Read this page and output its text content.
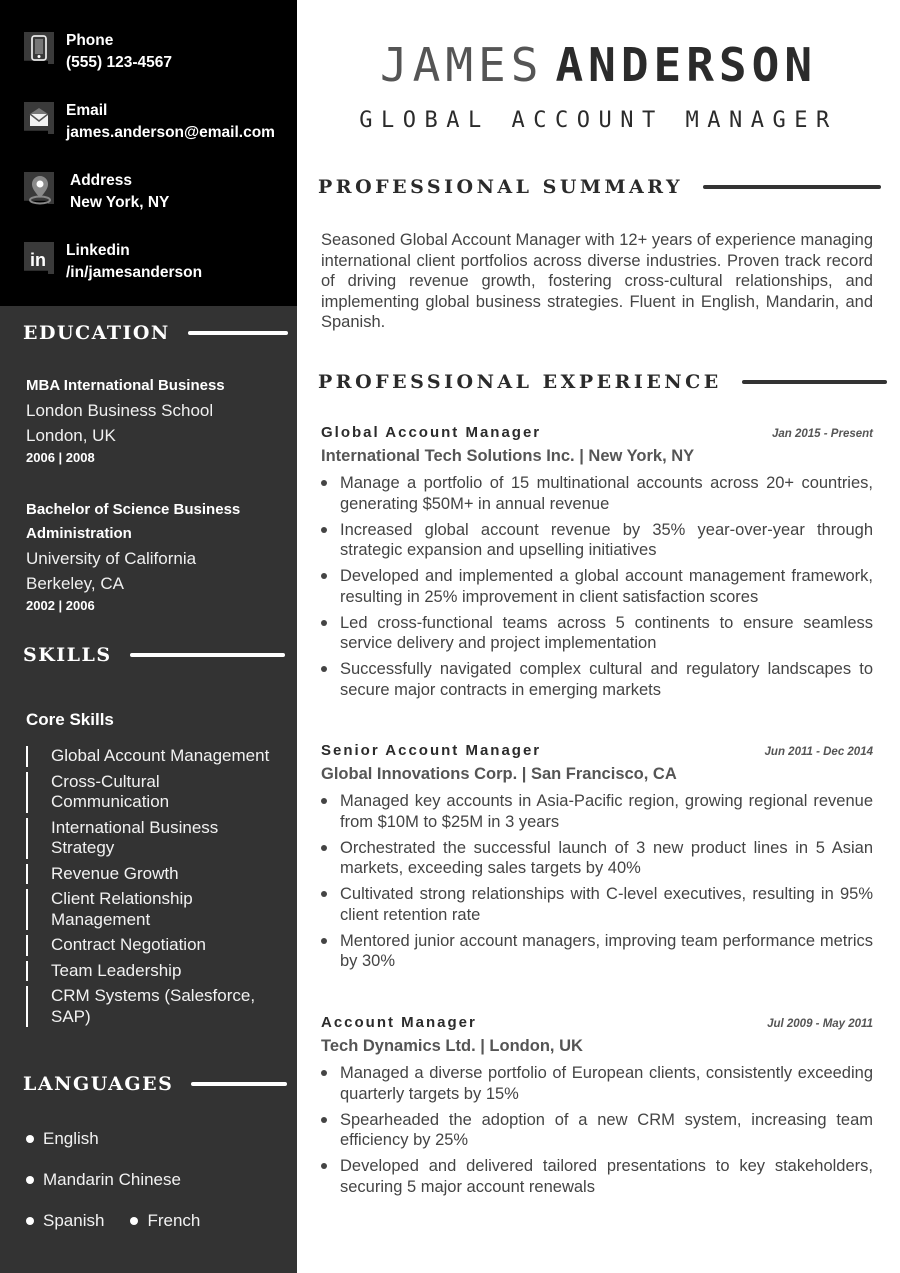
Phone
(555) 123-4567
Email
james.anderson@email.com
Address
New York, NY
in Linkedin
/in/jamesanderson
EDUCATION
MBA International Business
London Business School
London, UK
2006 | 2008
Bachelor of Science Business Administration
University of California
Berkeley, CA
2002 | 2006
SKILLS
Core Skills
Global Account Management
Cross-Cultural Communication
International Business Strategy
Revenue Growth
Client Relationship Management
Contract Negotiation
Team Leadership
CRM Systems (Salesforce, SAP)
LANGUAGES
English
Mandarin Chinese
Spanish	French
JAMES ANDERSON
GLOBAL ACCOUNT MANAGER
PROFESSIONAL SUMMARY
Seasoned Global Account Manager with 12+ years of experience managing international client portfolios across diverse industries. Proven track record of driving revenue growth, fostering cross-cultural relationships, and implementing global business strategies. Fluent in English, Mandarin, and Spanish.
PROFESSIONAL EXPERIENCE
Global Account Manager	Jan 2015 - Present
International Tech Solutions Inc. | New York, NY
Manage a portfolio of 15 multinational accounts across 20+ countries, generating $50M+ in annual revenue
Increased global account revenue by 35% year-over-year through strategic expansion and upselling initiatives
Developed and implemented a global account management framework, resulting in 25% improvement in client satisfaction scores
Led cross-functional teams across 5 continents to ensure seamless service delivery and project implementation
Successfully navigated complex cultural and regulatory landscapes to secure major contracts in emerging markets
Senior Account Manager	Jun 2011 - Dec 2014
Global Innovations Corp. | San Francisco, CA
Managed key accounts in Asia-Pacific region, growing regional revenue from $10M to $25M in 3 years
Orchestrated the successful launch of 3 new product lines in 5 Asian markets, exceeding sales targets by 40%
Cultivated strong relationships with C-level executives, resulting in 95% client retention rate
Mentored junior account managers, improving team performance metrics by 30%
Account Manager	Jul 2009 - May 2011
Tech Dynamics Ltd. | London, UK
Managed a diverse portfolio of European clients, consistently exceeding quarterly targets by 15%
Spearheaded the adoption of a new CRM system, increasing team efficiency by 25%
Developed and delivered tailored presentations to key stakeholders, securing 5 major account renewals
